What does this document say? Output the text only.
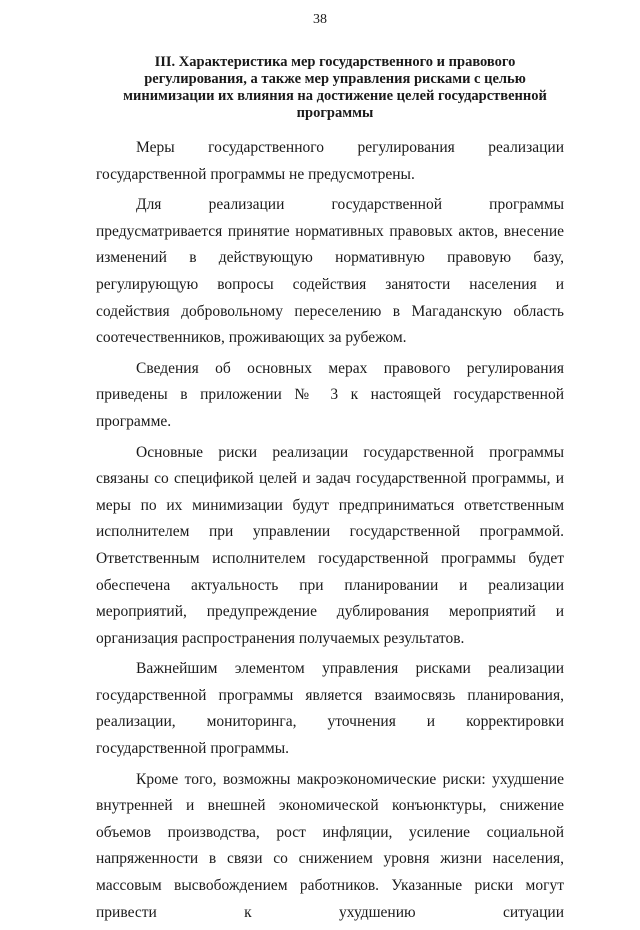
38
III. Характеристика мер государственного и правового регулирования, а также мер управления рисками с целью минимизации их влияния на достижение целей государственной программы

Меры государственного регулирования реализации государственной программы не предусмотрены.

Для реализации государственной программы предусматривается принятие нормативных правовых актов, внесение изменений в действующую нормативную правовую базу, регулирующую вопросы содействия занятости населения и содействия добровольному переселению в Магаданскую область соотечественников, проживающих за рубежом.

Сведения об основных мерах правового регулирования приведены в приложении № 3 к настоящей государственной программе.

Основные риски реализации государственной программы связаны со спецификой целей и задач государственной программы, и меры по их минимизации будут предприниматься ответственным исполнителем при управлении государственной программой. Ответственным исполнителем государственной программы будет обеспечена актуальность при планировании и реализации мероприятий, предупреждение дублирования мероприятий и организация распространения получаемых результатов.

Важнейшим элементом управления рисками реализации государственной программы является взаимосвязь планирования, реализации, мониторинга, уточнения и корректировки государственной программы.

Кроме того, возможны макроэкономические риски: ухудшение внутренней и внешней экономической конъюнктуры, снижение объемов производства, рост инфляции, усиление социальной напряженности в связи со снижением уровня жизни населения, массовым высвобождением работников. Указанные риски могут привести к ухудшению ситуации
